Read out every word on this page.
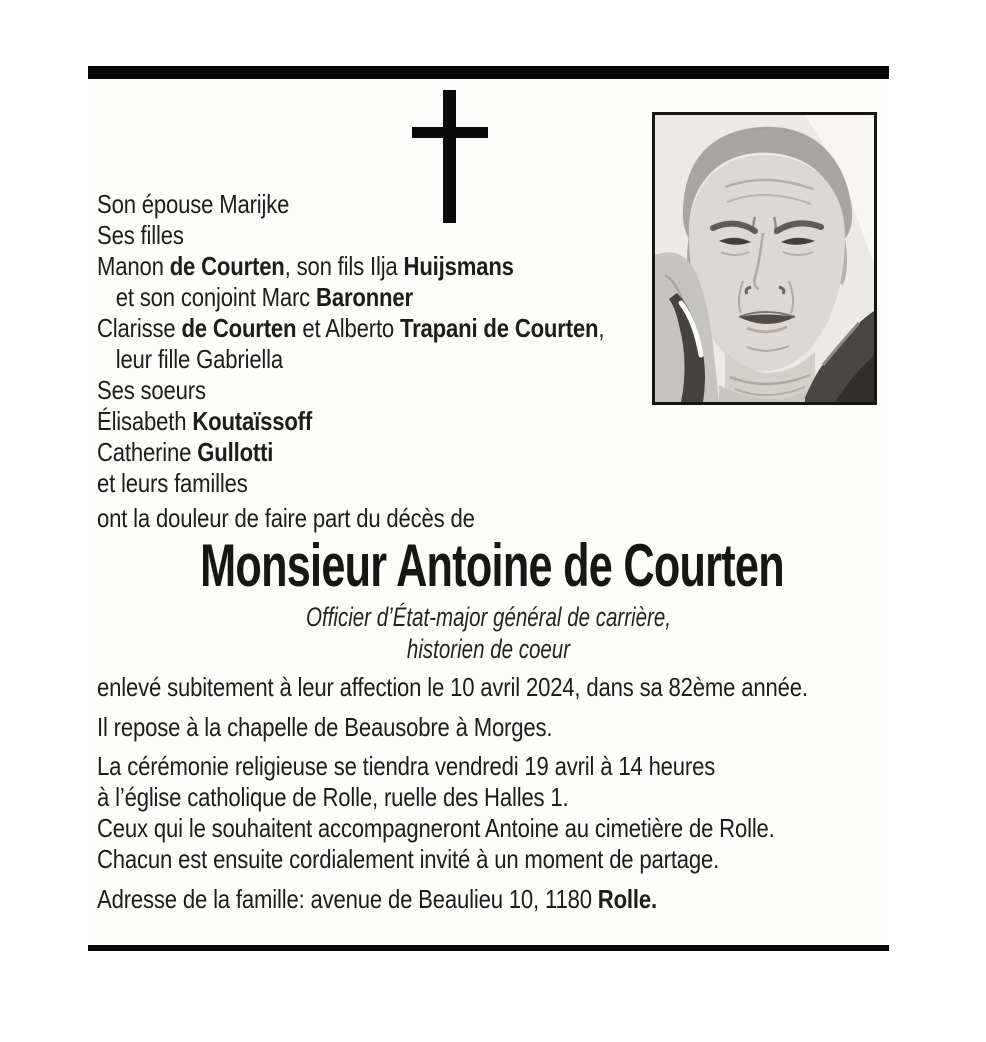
Son épouse Marijke
Ses filles
Manon de Courten, son fils Ilja Huijsmans
et son conjoint Marc Baronner
Clarisse de Courten et Alberto Trapani de Courten,
leur fille Gabriella
Ses soeurs
Élisabeth Koutaïssoff
Catherine Gullotti
et leurs familles
ont la douleur de faire part du décès de
Monsieur Antoine de Courten
Officier d’État-major général de carrière,
historien de coeur
enlevé subitement à leur affection le 10 avril 2024, dans sa 82ème année.
Il repose à la chapelle de Beausobre à Morges.
La cérémonie religieuse se tiendra vendredi 19 avril à 14 heures
à l’église catholique de Rolle, ruelle des Halles 1.
Ceux qui le souhaitent accompagneront Antoine au cimetière de Rolle.
Chacun est ensuite cordialement invité à un moment de partage.
Adresse de la famille: avenue de Beaulieu 10, 1180 Rolle.
